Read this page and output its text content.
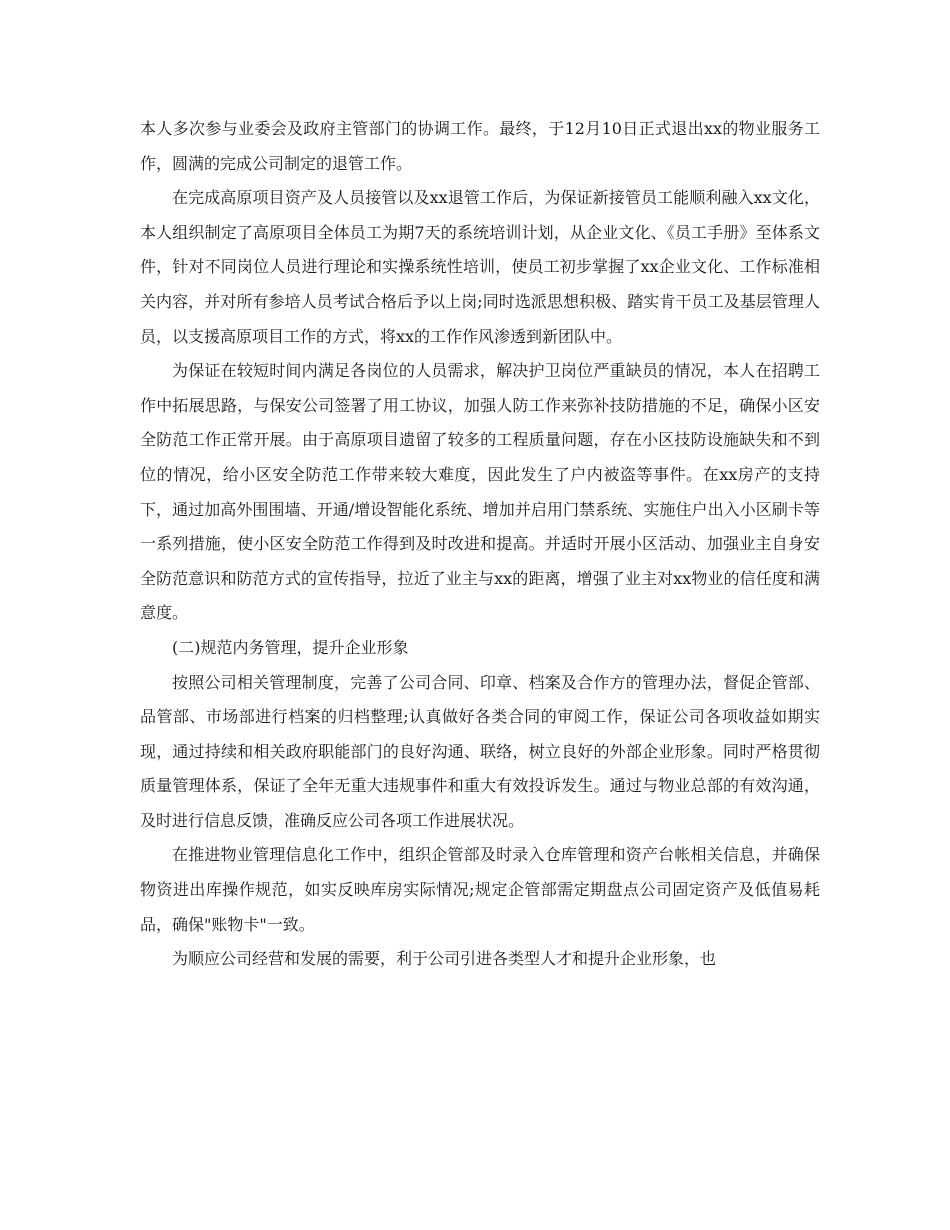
本人多次参与业委会及政府主管部门的协调工作。最终，于12月10日正式退出xx的物业服务工作，圆满的完成公司制定的退管工作。

在完成高原项目资产及人员接管以及xx退管工作后，为保证新接管员工能顺利融入xx文化，本人组织制定了高原项目全体员工为期7天的系统培训计划，从企业文化、《员工手册》至体系文件，针对不同岗位人员进行理论和实操系统性培训，使员工初步掌握了xx企业文化、工作标准相关内容，并对所有参培人员考试合格后予以上岗;同时选派思想积极、踏实肯干员工及基层管理人员，以支援高原项目工作的方式，将xx的工作作风渗透到新团队中。

为保证在较短时间内满足各岗位的人员需求，解决护卫岗位严重缺员的情况，本人在招聘工作中拓展思路，与保安公司签署了用工协议，加强人防工作来弥补技防措施的不足，确保小区安全防范工作正常开展。由于高原项目遗留了较多的工程质量问题，存在小区技防设施缺失和不到位的情况，给小区安全防范工作带来较大难度，因此发生了户内被盗等事件。在xx房产的支持下，通过加高外围围墙、开通/增设智能化系统、增加并启用门禁系统、实施住户出入小区刷卡等一系列措施，使小区安全防范工作得到及时改进和提高。并适时开展小区活动、加强业主自身安全防范意识和防范方式的宣传指导，拉近了业主与xx的距离，增强了业主对xx物业的信任度和满意度。

(二)规范内务管理，提升企业形象

按照公司相关管理制度，完善了公司合同、印章、档案及合作方的管理办法，督促企管部、品管部、市场部进行档案的归档整理;认真做好各类合同的审阅工作，保证公司各项收益如期实现，通过持续和相关政府职能部门的良好沟通、联络，树立良好的外部企业形象。同时严格贯彻质量管理体系，保证了全年无重大违规事件和重大有效投诉发生。通过与物业总部的有效沟通，及时进行信息反馈，准确反应公司各项工作进展状况。

在推进物业管理信息化工作中，组织企管部及时录入仓库管理和资产台帐相关信息，并确保物资进出库操作规范，如实反映库房实际情况;规定企管部需定期盘点公司固定资产及低值易耗品，确保"账物卡"一致。

为顺应公司经营和发展的需要，利于公司引进各类型人才和提升企业形象，也
